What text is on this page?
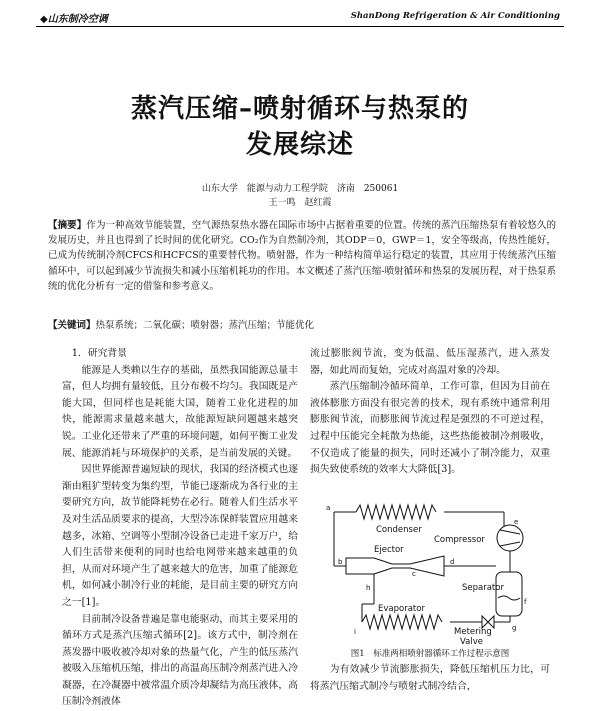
◆山东制冷空调	ShanDong Refrigeration & Air Conditioning
蒸汽压缩–喷射循环与热泵的
发展综述
山东大学　能源与动力工程学院　济南　250061
王一鸣　赵红霞
【摘要】作为一种高效节能装置，空气源热泵热水器在国际市场中占据着重要的位置。传统的蒸汽压缩热泵有着较悠久的发展历史，并且也得到了长时间的优化研究。CO₂作为自然制冷剂，其ODP＝0，GWP＝1，安全等级高，传热性能好，已成为传统制冷剂CFCS和HCFCS的重要替代物。喷射器，作为一种结构简单运行稳定的装置，其应用于传统蒸汽压缩循环中，可以起到减少节流损失和减小压缩机耗功的作用。本文概述了蒸汽压缩-喷射循环和热泵的发展历程，对于热泵系统的优化分析有一定的借鉴和参考意义。
【关键词】热泵系统；二氧化碳；喷射器；蒸汽压缩；节能优化

1．研究背景

能源是人类赖以生存的基础，虽然我国能源总量丰富，但人均拥有量较低，且分布极不均匀。我国既是产能大国，但同样也是耗能大国，随着工业化进程的加快，能源需求量越来越大，故能源短缺问题越来越突锐。工业化还带来了严重的环境问题，如何平衡工业发展、能源消耗与环境保护的关系，是当前发展的关键。

因世界能源普遍短缺的现状，我国的经济模式也逐渐由粗犷型转变为集约型，节能已逐渐成为各行业的主要研究方向，故节能降耗势在必行。随着人们生活水平及对生活品质要求的提高，大型冷冻保鲜装置应用越来越多，冰箱、空调等小型制冷设备已走进千家万户，给人们生活带来便利的同时也给电网带来越来越重的负担，从而对环境产生了越来越大的危害，加重了能源危机，如何减小制冷行业的耗能，是目前主要的研究方向之一[1]。

目前制冷设备普遍是靠电能驱动，而其主要采用的循环方式是蒸汽压缩式循环[2]。该方式中，制冷剂在蒸发器中吸收被冷却对象的热量气化，产生的低压蒸汽被吸入压缩机压缩，排出的高温高压制冷剂蒸汽进入冷凝器，在冷凝器中被常温介质冷却凝结为高压液体，高压制冷剂液体

流过膨胀阀节流，变为低温、低压湿蒸汽，进入蒸发器，如此周而复始，完成对高温对象的冷却。

蒸汽压缩制冷循环简单，工作可靠，但因为目前在液体膨胀方面没有很完善的技术，现有系统中通常利用膨胀阀节流，而膨胀阀节流过程是强烈的不可逆过程，过程中压能完全耗散为热能，这些热能被制冷剂吸收，不仅造成了能量的损失，同时还减小了制冷能力，双重损失致使系统的效率大大降低[3]。

Condenser
Compressor
Ejector
Separator
Evaporator
Metering
Valve
a
b	d
e
f
g
i
h
c
图1　标准两相喷射器循环工作过程示意图

为有效减少节流膨胀损失，降低压缩机压力比，可将蒸汽压缩式制冷与喷射式制冷结合，
